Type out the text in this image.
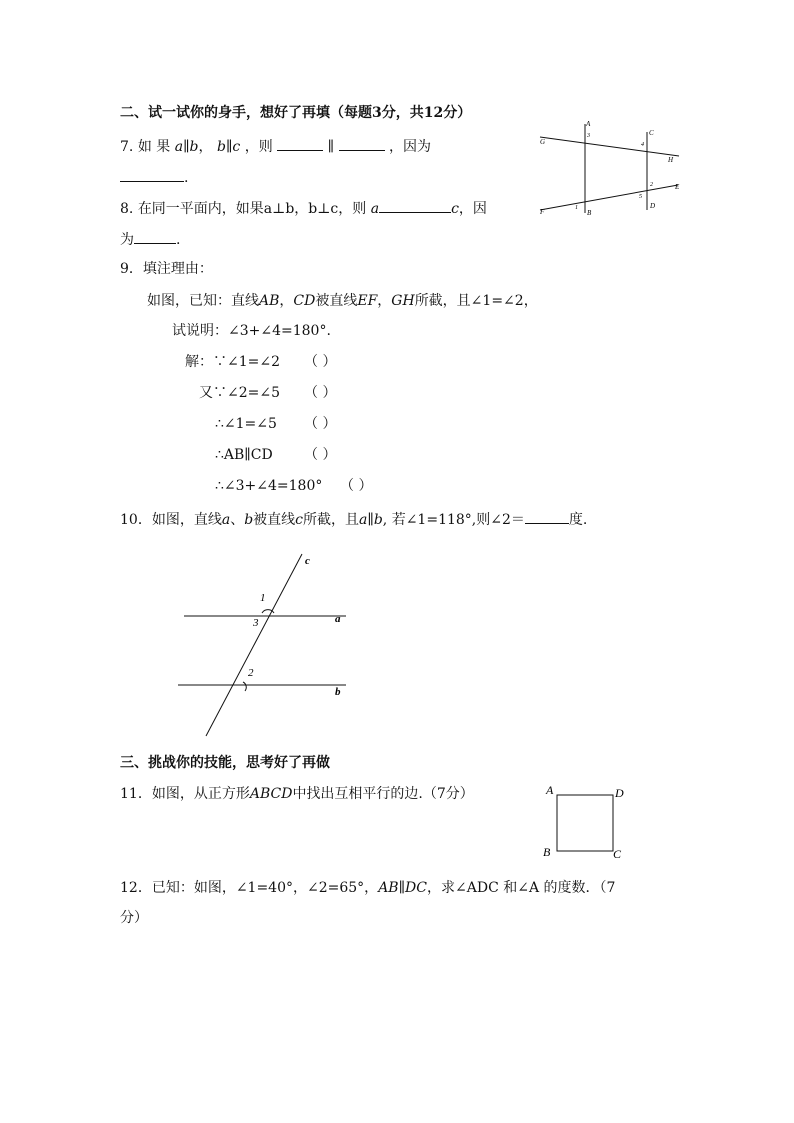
二、试一试你的身手，想好了再填（每题3分，共12分）
7. 如 果 a∥b， b∥c ，则	∥	，因为
.
A
C
3
4
G
H
2	E
5
D
F	1
B
8. 在同一平面内，如果a⊥b，b⊥c，则 a	c，因
为	.
9．填注理由：
如图，已知：直线AB，CD被直线EF，GH所截，且∠1=∠2，
试说明：∠3+∠4=180°.
解：∵∠1=∠2 （ ）
又∵∠2=∠5 （ ）
∴∠1=∠5 （ ）
∴AB∥CD （ ）
∴∠3+∠4=180° （ ）
10．如图，直线a、b被直线c所截，且a∥b, 若∠1=118°,则∠2＝	度.
c
1
3	a
2
b
三、挑战你的技能，思考好了再做
11．如图，从正方形ABCD中找出互相平行的边.（7分）	A	D
B	C
12．已知：如图，∠1=40°，∠2=65°，AB∥DC，求∠ADC 和∠A 的度数．（7
分）
